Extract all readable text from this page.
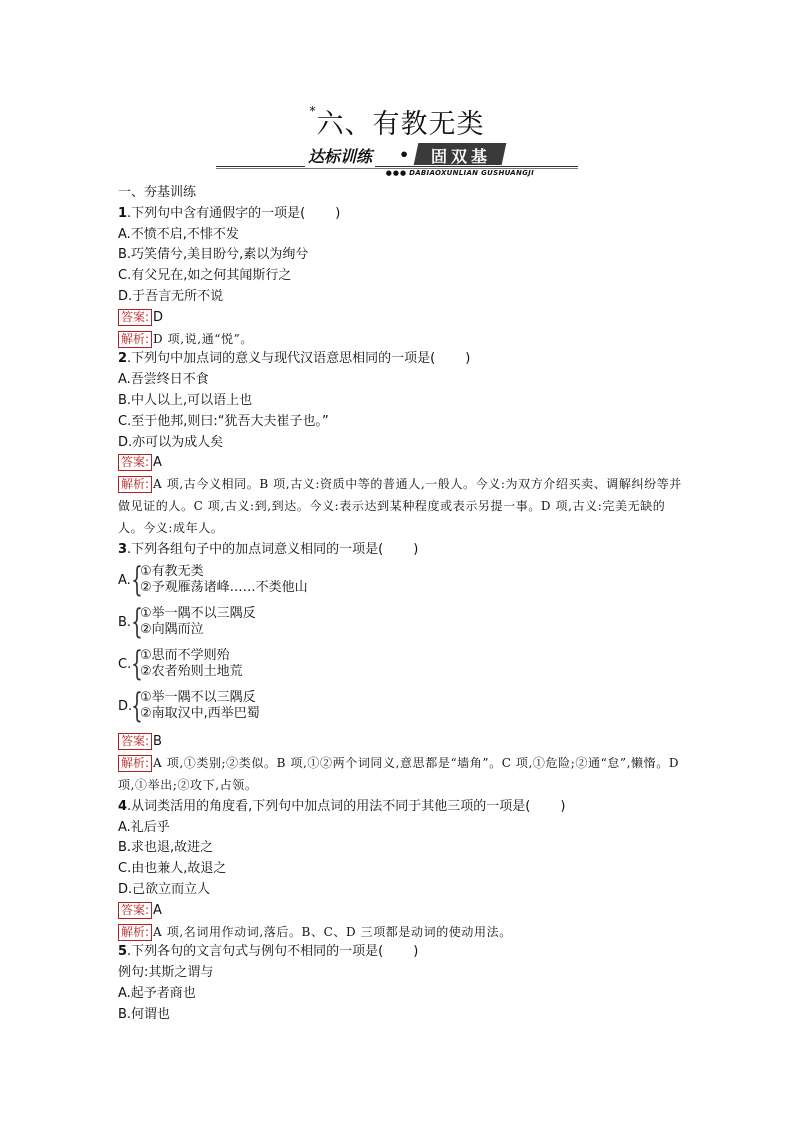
*六、有教无类
达标训练 •	固双基
●●● DABIAOXUNLIAN GUSHUANGJI
一、夯基训练
1.下列句中含有通假字的一项是( )
A.不愤不启,不悱不发
B.巧笑倩兮,美目盼兮,素以为绚兮
C.有父兄在,如之何其闻斯行之
D.于吾言无所不说
答案: D
解析: D 项,说,通“悦”。
2.下列句中加点词的意义与现代汉语意思相同的一项是( )
A.吾尝终日不食
B.中人以上,可以语上也
C.至于他邦,则曰:“犹吾大夫崔子也。”
D.亦可以为成人矣
答案: A
解析: A 项,古今义相同。B 项,古义:资质中等的普通人,一般人。今义:为双方介绍买卖、调解纠纷等并做见证的人。C 项,古义:到,到达。今义:表示达到某种程度或表示另提一事。D 项,古义:完美无缺的人。今义:成年人。
3.下列各组句子中的加点词意义相同的一项是( )
A. {
①有教无类
②予观雁荡诸峰……不类他山
B. {
①举一隅不以三隅反
②向隅而泣
C. {
①思而不学则殆
②农者殆则土地荒
D.
{
①举一隅不以三隅反
②南取汉中,西举巴蜀
答案: B
解析: A 项,①类别;②类似。B 项,①②两个词同义,意思都是“墙角”。C 项,①危险;②通“怠”,懒惰。D 项,①举出;②攻下,占领。
4.从词类活用的角度看,下列句中加点词的用法不同于其他三项的一项是( )
A.礼后乎
B.求也退,故进之
C.由也兼人,故退之
D.己欲立而立人
答案: A
解析: A 项,名词用作动词,落后。B、C、D 三项都是动词的使动用法。
5.下列各句的文言句式与例句不相同的一项是( )
例句:其斯之谓与
A.起予者商也
B.何谓也
